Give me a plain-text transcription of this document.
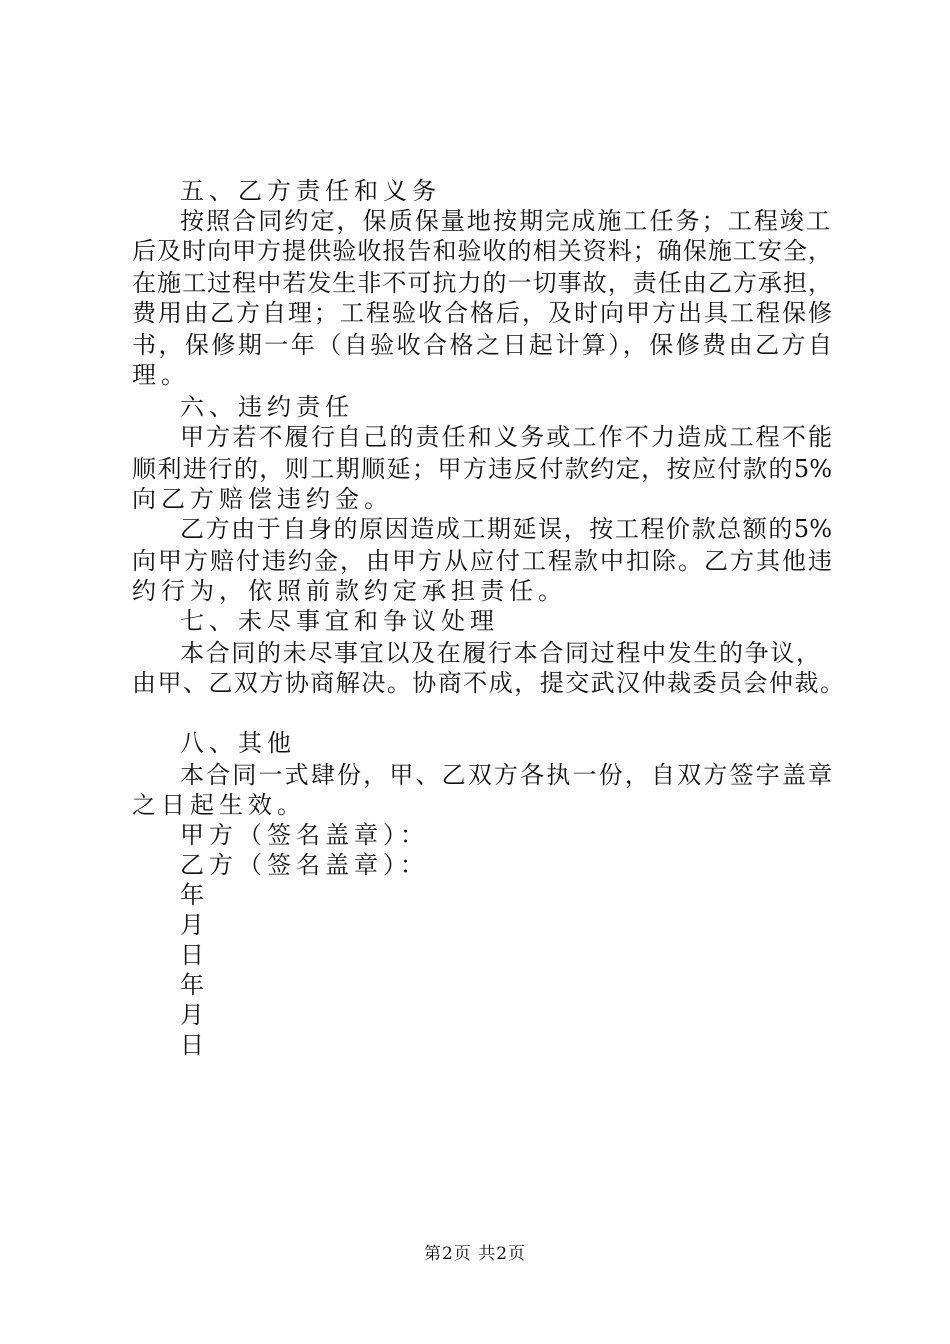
五、乙方责任和义务
按照合同约定，保质保量地按期完成施工任务；工程竣工
后及时向甲方提供验收报告和验收的相关资料；确保施工安全，
在施工过程中若发生非不可抗力的一切事故，责任由乙方承担，
费用由乙方自理；工程验收合格后，及时向甲方出具工程保修
书，保修期一年（自验收合格之日起计算），保修费由乙方自
理。
六、违约责任
甲方若不履行自己的责任和义务或工作不力造成工程不能
顺利进行的，则工期顺延；甲方违反付款约定，按应付款的5%
向乙方赔偿违约金。
乙方由于自身的原因造成工期延误，按工程价款总额的5%
向甲方赔付违约金，由甲方从应付工程款中扣除。乙方其他违
约行为，依照前款约定承担责任。
七、未尽事宜和争议处理
本合同的未尽事宜以及在履行本合同过程中发生的争议，
由甲、乙双方协商解决。协商不成，提交武汉仲裁委员会仲裁。
八、其他
本合同一式肆份，甲、乙双方各执一份，自双方签字盖章
之日起生效。
甲方（签名盖章）：
乙方（签名盖章）：
年
月
日
年
月
日
第2页 共2页
